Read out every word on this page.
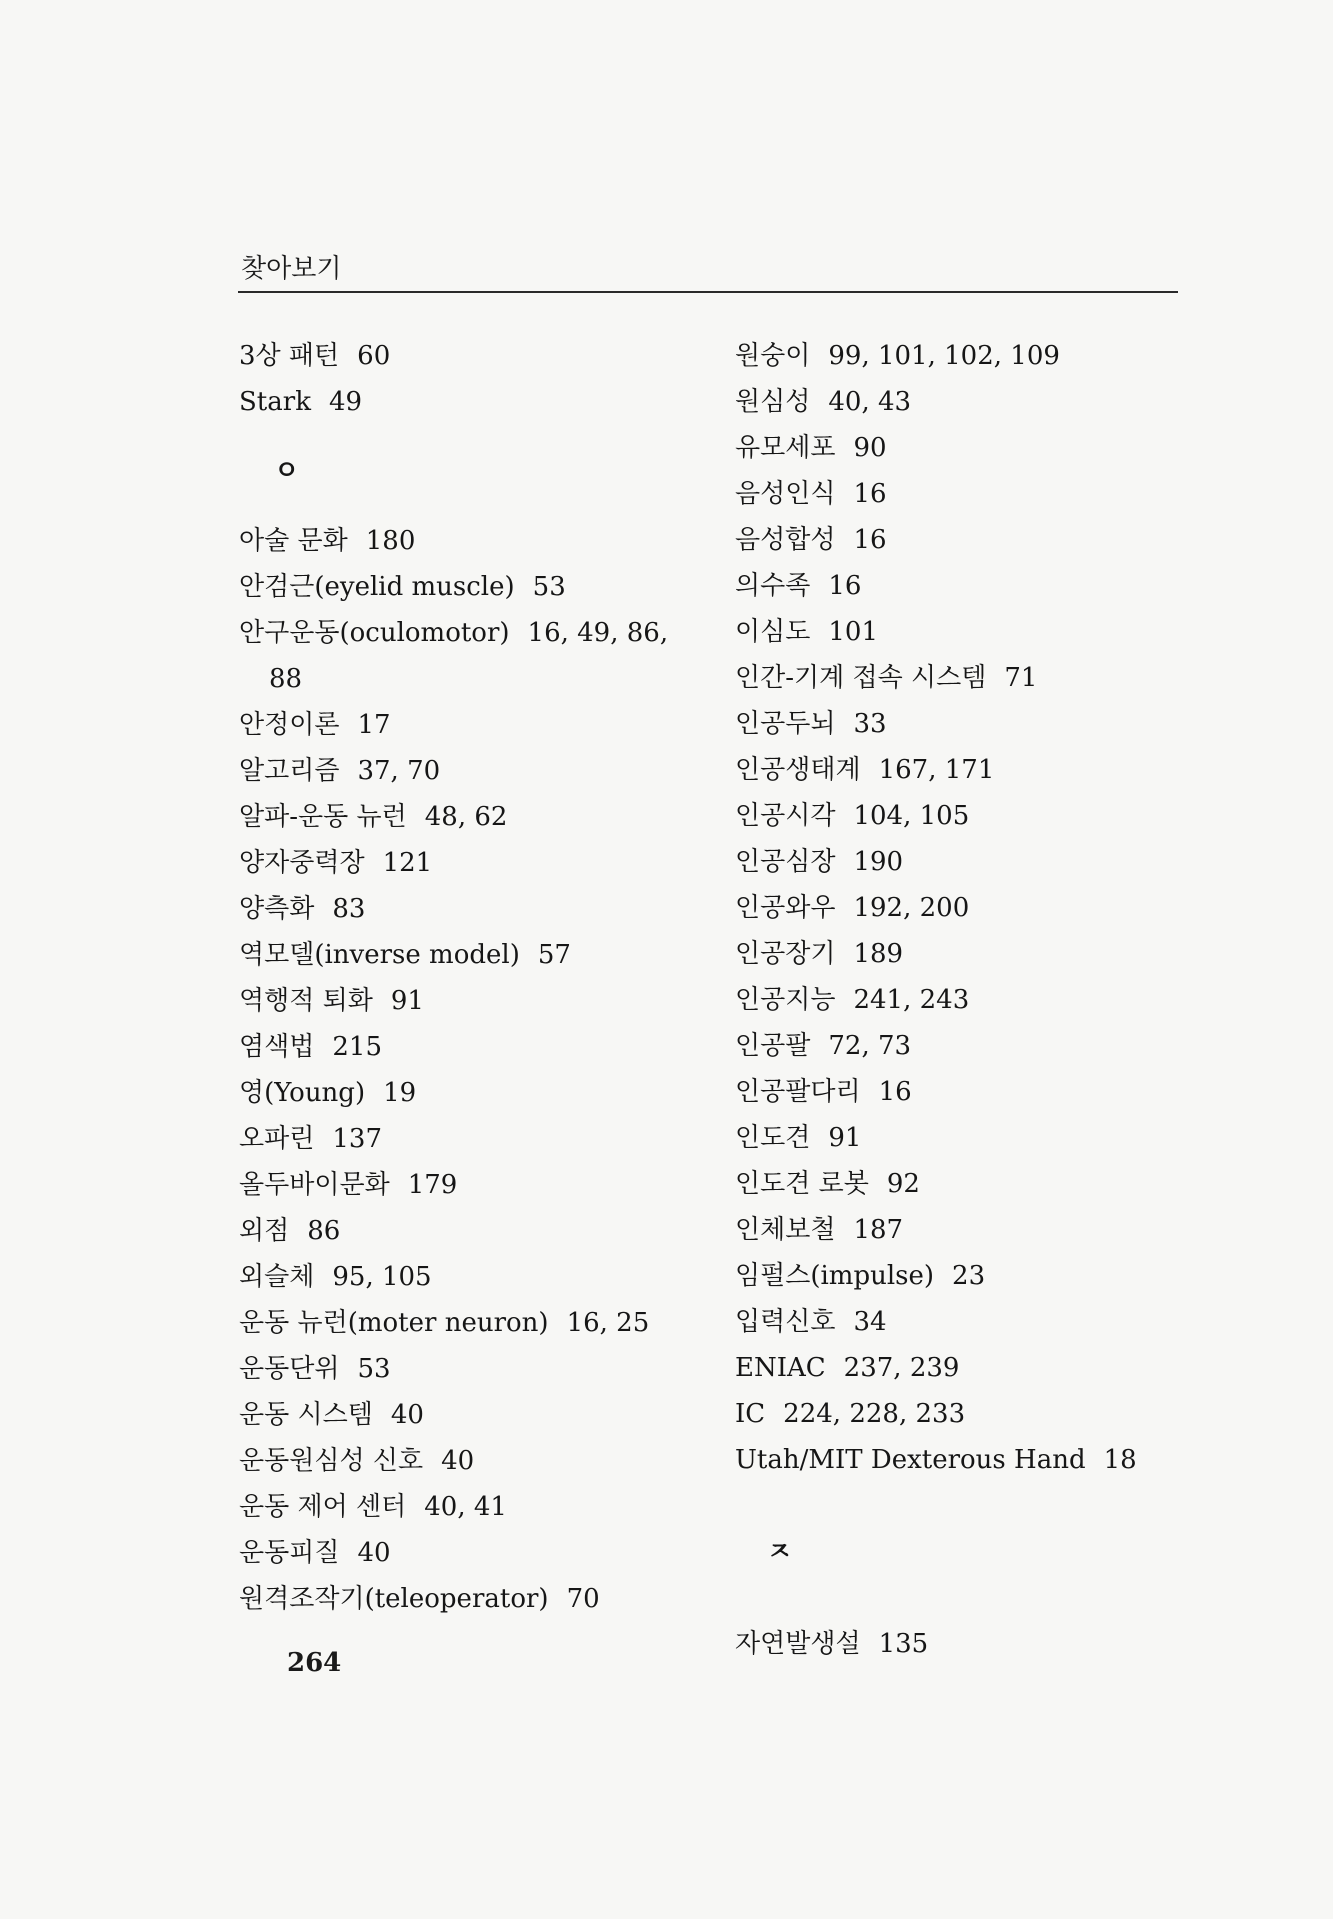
찾아보기
3상 패턴 60
Stark 49
ㅇ
아술 문화 180
안검근(eyelid muscle) 53
안구운동(oculomotor) 16, 49, 86,
88
안정이론 17
알고리즘 37, 70
알파-운동 뉴런 48, 62
양자중력장 121
양측화 83
역모델(inverse model) 57
역행적 퇴화 91
염색법 215
영(Young) 19
오파린 137
올두바이문화 179
외점 86
외슬체 95, 105
운동 뉴런(moter neuron) 16, 25
운동단위 53
운동 시스템 40
운동원심성 신호 40
운동 제어 센터 40, 41
운동피질 40
원격조작기(teleoperator) 70
원숭이 99, 101, 102, 109
원심성 40, 43
유모세포 90
음성인식 16
음성합성 16
의수족 16
이심도 101
인간-기계 접속 시스템 71
인공두뇌 33
인공생태계 167, 171
인공시각 104, 105
인공심장 190
인공와우 192, 200
인공장기 189
인공지능 241, 243
인공팔 72, 73
인공팔다리 16
인도견 91
인도견 로봇 92
인체보철 187
임펄스(impulse) 23
입력신호 34
ENIAC 237, 239
IC 224, 228, 233
Utah/MIT Dexterous Hand 18
ㅈ
자연발생설 135
264
